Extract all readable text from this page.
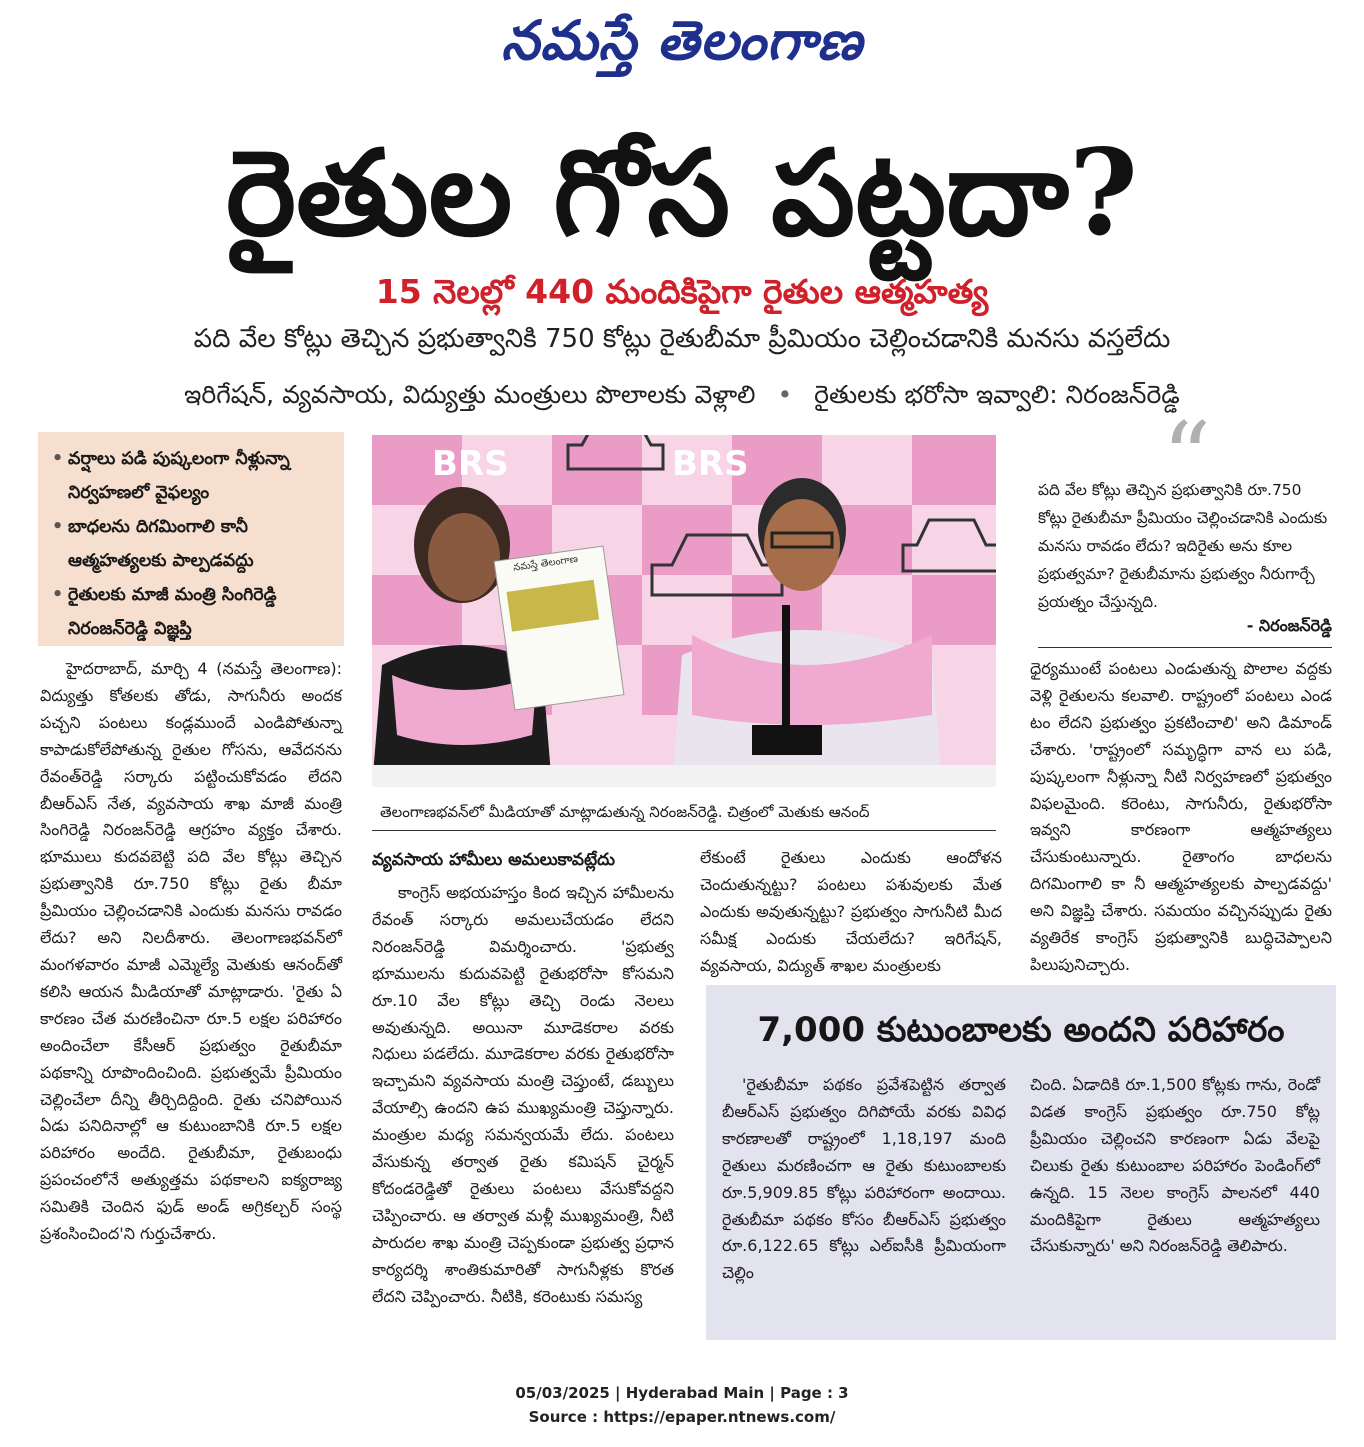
నమస్తే తెలంగాణ
రైతుల గోస పట్టదా?
15 నెలల్లో 440 మందికిపైగా రైతుల ఆత్మహత్య
పది వేల కోట్లు తెచ్చిన ప్రభుత్వానికి 750 కోట్లు రైతుబీమా ప్రీమియం చెల్లించడానికి మనసు వస్తలేదు
ఇరిగేషన్, వ్యవసాయ, విద్యుత్తు మంత్రులు పొలాలకు వెళ్లాలి • రైతులకు భరోసా ఇవ్వాలి: నిరంజన్‌రెడ్డి
• వర్షాలు పడి పుష్కలంగా నీళ్లున్నా నిర్వహణలో వైఫల్యం
• బాధలను దిగమింగాలి కానీ ఆత్మహత్యలకు పాల్పడవద్దు
• రైతులకు మాజీ మంత్రి సింగిరెడ్డి నిరంజన్‌రెడ్డి విజ్ఞప్తి

హైదరాబాద్, మార్చి 4 (నమస్తే తెలంగాణ): విద్యుత్తు కోతలకు తోడు, సాగునీరు అందక పచ్చని పంటలు కండ్లముందే ఎండిపోతున్నా కాపాడుకోలేపోతున్న రైతుల గోసను, ఆవేదనను రేవంత్‌రెడ్డి సర్కారు పట్టించుకోవడం లేదని బీఆర్‌ఎస్ నేత, వ్యవసాయ శాఖ మాజీ మంత్రి సింగిరెడ్డి నిరంజన్‌రెడ్డి ఆగ్రహం వ్యక్తం చేశారు. భూములు కుదవబెట్టి పది వేల కోట్లు తెచ్చిన ప్రభుత్వానికి రూ.750 కోట్లు రైతు బీమా ప్రీమియం చెల్లించడానికి ఎందుకు మనసు రావడం లేదు? అని నిలదీశారు. తెలంగాణభవన్‌లో మంగళవారం మాజీ ఎమ్మెల్యే మెతుకు ఆనంద్‌తో కలిసి ఆయన మీడియాతో మాట్లాడారు. 'రైతు ఏ కారణం చేత మరణించినా రూ.5 లక్షల పరిహారం అందించేలా కేసీఆర్ ప్రభుత్వం రైతుబీమా పథకాన్ని రూపొందించింది. ప్రభుత్వమే ప్రీమియం చెల్లించేలా దీన్ని తీర్చిదిద్దింది. రైతు చనిపోయిన ఏడు పనిదినాల్లో ఆ కుటుంబానికి రూ.5 లక్షల పరిహారం అందేది. రైతుబీమా, రైతుబంధు ప్రపంచంలోనే అత్యుత్తమ పథకాలని ఐక్యరాజ్య సమితికి చెందిన ఫుడ్ అండ్ అగ్రికల్చర్ సంస్థ ప్రశంసించింద'ని గుర్తుచేశారు.

BRS	BRS
నమస్తే తెలంగాణ
తెలంగాణభవన్‌లో మీడియాతో మాట్లాడుతున్న నిరంజన్‌రెడ్డి. చిత్రంలో మెతుకు ఆనంద్
“
పది వేల కోట్లు తెచ్చిన ప్రభుత్వానికి రూ.750 కోట్లు రైతుబీమా ప్రీమియం చెల్లించడానికి ఎందుకు మనసు రావడం లేదు? ఇదిరైతు అను కూల ప్రభుత్వమా? రైతుబీమాను ప్రభుత్వం నీరుగార్చే ప్రయత్నం చేస్తున్నది.
- నిరంజన్‌రెడ్డి

ధైర్యముంటే పంటలు ఎండుతున్న పొలాల వద్దకు వెళ్లి రైతులను కలవాలి. రాష్ట్రంలో పంటలు ఎండ టం లేదని ప్రభుత్వం ప్రకటించాలి' అని డిమాండ్ చేశారు. 'రాష్ట్రంలో సమృద్ధిగా వాన లు పడి, పుష్కలంగా నీళ్లున్నా నీటి నిర్వహణలో ప్రభుత్వం విఫలమైంది. కరెంటు, సాగునీరు, రైతుభరోసా ఇవ్వని కారణంగా ఆత్మహత్యలు చేసుకుంటున్నారు. రైతాంగం బాధలను దిగమింగాలి కా నీ ఆత్మహత్యలకు పాల్పడవద్దు' అని విజ్ఞప్తి చేశారు. సమయం వచ్చినప్పుడు రైతు వ్యతిరేక కాంగ్రెస్ ప్రభుత్వానికి బుద్ధిచెప్పాలని పిలుపునిచ్చారు.

వ్యవసాయ హామీలు అమలుకావట్లేదు

కాంగ్రెస్ అభయహస్తం కింద ఇచ్చిన హామీలను రేవంత్ సర్కారు అమలుచేయడం లేదని నిరంజన్‌రెడ్డి విమర్శించారు. 'ప్రభుత్వ భూములను కుదువపెట్టి రైతుభరోసా కోసమని రూ.10 వేల కోట్లు తెచ్చి రెండు నెలలు అవుతున్నది. అయినా మూడెకరాల వరకు నిధులు పడలేదు. మూడెకరాల వరకు రైతుభరోసా ఇచ్చామని వ్యవసాయ మంత్రి చెప్తుంటే, డబ్బులు వేయాల్సి ఉందని ఉప ముఖ్యమంత్రి చెప్తున్నారు. మంత్రుల మధ్య సమన్వయమే లేదు. పంటలు వేసుకున్న తర్వాత రైతు కమిషన్ చైర్మన్ కోదండరెడ్డితో రైతులు పంటలు వేసుకోవద్దని చెప్పించారు. ఆ తర్వాత మళ్లీ ముఖ్యమంత్రి, నీటి పారుదల శాఖ మంత్రి చెప్పకుండా ప్రభుత్వ ప్రధాన కార్యదర్శి శాంతికుమారితో సాగునీళ్లకు కొరత లేదని చెప్పించారు. నీటికి, కరెంటుకు సమస్య

లేకుంటే రైతులు ఎందుకు ఆందోళన చెందుతున్నట్టు? పంటలు పశువులకు మేత ఎందుకు అవుతున్నట్టు? ప్రభుత్వం సాగునీటి మీద సమీక్ష ఎందుకు చేయలేదు? ఇరిగేషన్, వ్యవసాయ, విద్యుత్ శాఖల మంత్రులకు

7,000 కుటుంబాలకు అందని పరిహారం

'రైతుబీమా పథకం ప్రవేశపెట్టిన తర్వాత బీఆర్‌ఎస్ ప్రభుత్వం దిగిపోయే వరకు వివిధ కారణాలతో రాష్ట్రంలో 1,18,197 మంది రైతులు మరణించగా ఆ రైతు కుటుంబాలకు రూ.5,909.85 కోట్లు పరిహారంగా అందాయి. రైతుబీమా పథకం కోసం బీఆర్‌ఎస్ ప్రభుత్వం రూ.6,122.65 కోట్లు ఎల్‌ఐసీకి ప్రీమియంగా చెల్లిం

చింది. ఏడాదికి రూ.1,500 కోట్లకు గాను, రెండో విడత కాంగ్రెస్ ప్రభుత్వం రూ.750 కోట్ల ప్రీమియం చెల్లించని కారణంగా ఏడు వేలపై చిలుకు రైతు కుటుంబాల పరిహారం పెండింగ్‌లో ఉన్నది. 15 నెలల కాంగ్రెస్ పాలనలో 440 మందికిపైగా రైతులు ఆత్మహత్యలు చేసుకున్నారు' అని నిరంజన్‌రెడ్డి తెలిపారు.

05/03/2025 | Hyderabad Main | Page : 3
Source : https://epaper.ntnews.com/
